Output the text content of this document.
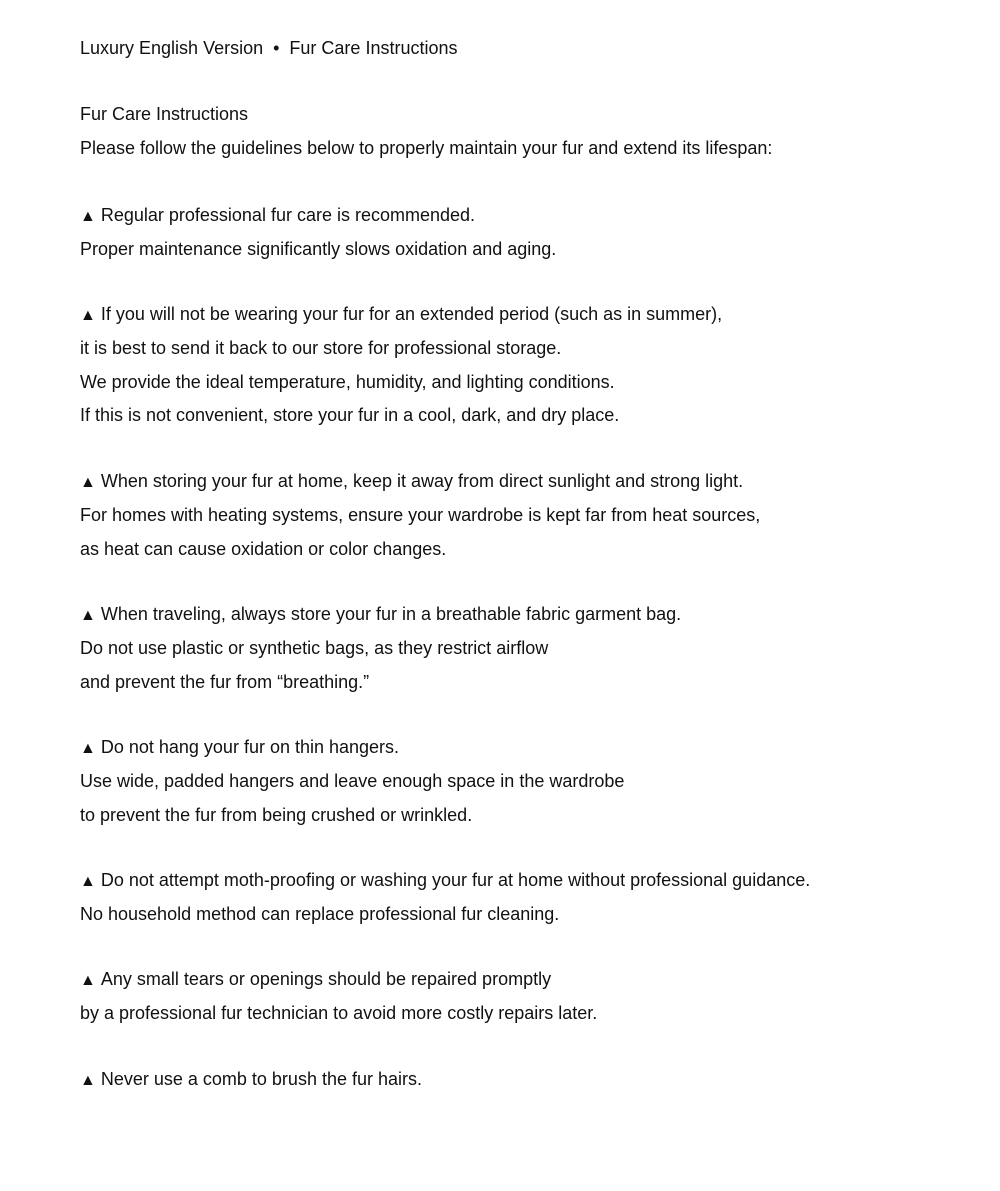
Luxury English Version • Fur Care Instructions
Fur Care Instructions
Please follow the guidelines below to properly maintain your fur and extend its lifespan:
▲ Regular professional fur care is recommended.
Proper maintenance significantly slows oxidation and aging.
▲ If you will not be wearing your fur for an extended period (such as in summer),
it is best to send it back to our store for professional storage.
We provide the ideal temperature, humidity, and lighting conditions.
If this is not convenient, store your fur in a cool, dark, and dry place.
▲ When storing your fur at home, keep it away from direct sunlight and strong light.
For homes with heating systems, ensure your wardrobe is kept far from heat sources,
as heat can cause oxidation or color changes.
▲ When traveling, always store your fur in a breathable fabric garment bag.
Do not use plastic or synthetic bags, as they restrict airflow
and prevent the fur from “breathing.”
▲ Do not hang your fur on thin hangers.
Use wide, padded hangers and leave enough space in the wardrobe
to prevent the fur from being crushed or wrinkled.
▲ Do not attempt moth-proofing or washing your fur at home without professional guidance.
No household method can replace professional fur cleaning.
▲ Any small tears or openings should be repaired promptly
by a professional fur technician to avoid more costly repairs later.
▲ Never use a comb to brush the fur hairs.
